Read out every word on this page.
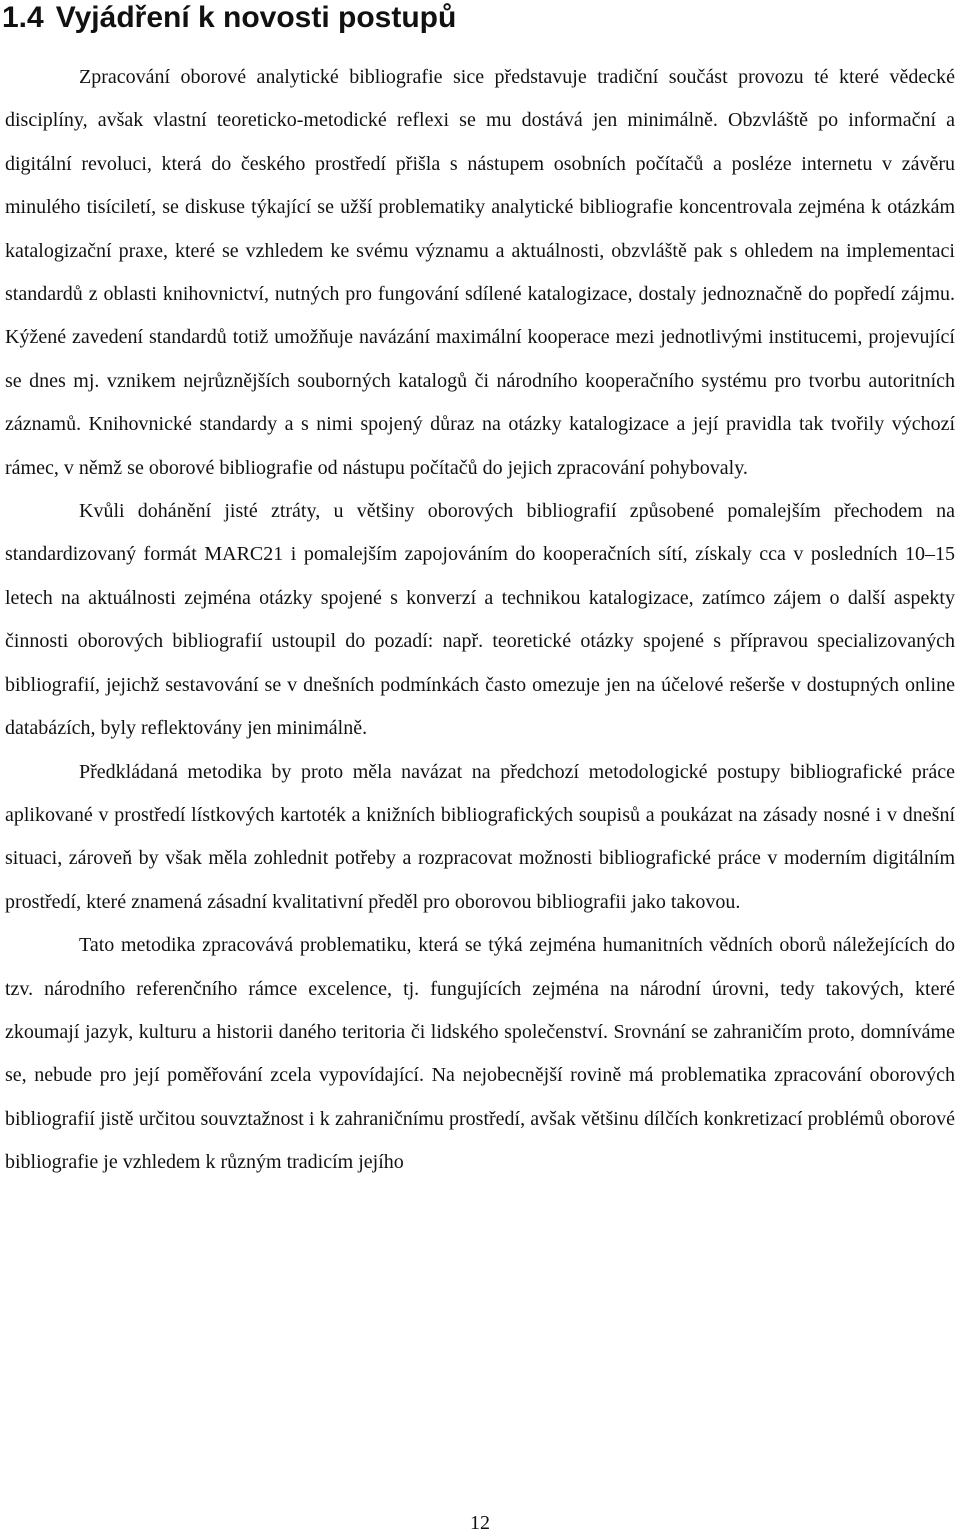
1.4 Vyjádření k novosti postupů

Zpracování oborové analytické bibliografie sice představuje tradiční součást provozu té které vědecké disciplíny, avšak vlastní teoreticko-metodické reflexi se mu dostává jen minimálně. Obzvláště po informační a digitální revoluci, která do českého prostředí přišla s nástupem osobních počítačů a posléze internetu v závěru minulého tisíciletí, se diskuse týkající se užší problematiky analytické bibliografie koncentrovala zejména k otázkám katalogizační praxe, které se vzhledem ke svému významu a aktuálnosti, obzvláště pak s ohledem na implementaci standardů z oblasti knihovnictví, nutných pro fungování sdílené katalogizace, dostaly jednoznačně do popředí zájmu. Kýžené zavedení standardů totiž umožňuje navázání maximální kooperace mezi jednotlivými institucemi, projevující se dnes mj. vznikem nejrůznějších souborných katalogů či národního kooperačního systému pro tvorbu autoritních záznamů. Knihovnické standardy a s nimi spojený důraz na otázky katalogizace a její pravidla tak tvořily výchozí rámec, v němž se oborové bibliografie od nástupu počítačů do jejich zpracování pohybovaly.

Kvůli dohánění jisté ztráty, u většiny oborových bibliografií způsobené pomalejším přechodem na standardizovaný formát MARC21 i pomalejším zapojováním do kooperačních sítí, získaly cca v posledních 10–15 letech na aktuálnosti zejména otázky spojené s konverzí a technikou katalogizace, zatímco zájem o další aspekty činnosti oborových bibliografií ustoupil do pozadí: např. teoretické otázky spojené s přípravou specializovaných bibliografií, jejichž sestavování se v dnešních podmínkách často omezuje jen na účelové rešerše v dostupných online databázích, byly reflektovány jen minimálně.

Předkládaná metodika by proto měla navázat na předchozí metodologické postupy bibliografické práce aplikované v prostředí lístkových kartoték a knižních bibliografických soupisů a poukázat na zásady nosné i v dnešní situaci, zároveň by však měla zohlednit potřeby a rozpracovat možnosti bibliografické práce v moderním digitálním prostředí, které znamená zásadní kvalitativní předěl pro oborovou bibliografii jako takovou.

Tato metodika zpracovává problematiku, která se týká zejména humanitních vědních oborů náležejících do tzv. národního referenčního rámce excelence, tj. fungujících zejména na národní úrovni, tedy takových, které zkoumají jazyk, kulturu a historii daného teritoria či lidského společenství. Srovnání se zahraničím proto, domníváme se, nebude pro její poměřování zcela vypovídající. Na nejobecnější rovině má problematika zpracování oborových bibliografií jistě určitou souvztažnost i k zahraničnímu prostředí, avšak většinu dílčích konkretizací problémů oborové bibliografie je vzhledem k různým tradicím jejího

12
